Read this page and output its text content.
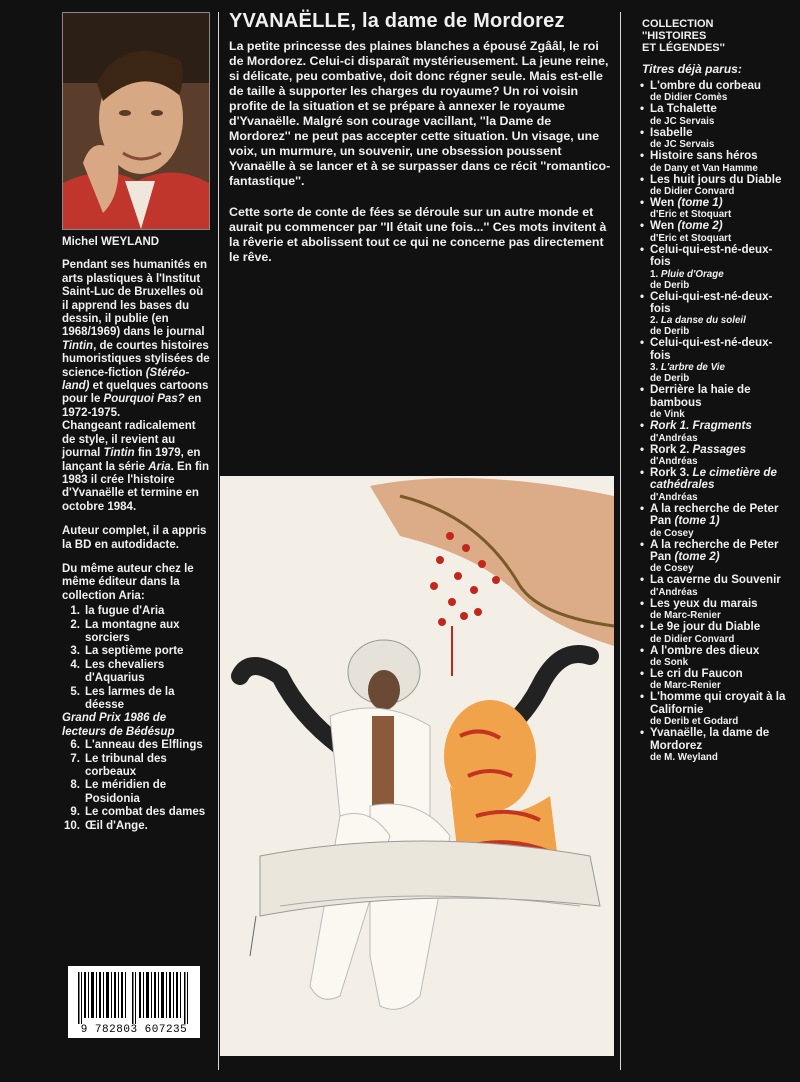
Michel WEYLAND

Pendant ses humanités en arts plastiques à l'Institut Saint-Luc de Bruxelles où il apprend les bases du dessin, il publie (en 1968/1969) dans le journal Tintin, de courtes histoires humoristiques stylisées de science-fiction (Stéréo-land) et quelques cartoons pour le Pourquoi Pas? en 1972-1975.
Changeant radicalement de style, il revient au journal Tintin fin 1979, en lançant la série Aria. En fin 1983 il crée l'histoire d'Yvanaëlle et termine en octobre 1984.

Auteur complet, il a appris la BD en autodidacte.

Du même auteur chez le même éditeur dans la collection Aria:

1. la fugue d'Aria
2. La montagne aux sorciers
3. La septième porte
4. Les chevaliers d'Aquarius
5. Les larmes de la déesse
Grand Prix 1986 de lecteurs de Bédésup
6. L'anneau des Elflings
7. Le tribunal des corbeaux
8. Le méridien de Posidonia
9. Le combat des dames
10. Œil d'Ange.
9 782803 607235
YVANAËLLE, la dame de Mordorez

La petite princesse des plaines blanches a épousé Zgââl, le roi de Mordorez. Celui-ci disparaît mystérieusement. La jeune reine, si délicate, peu combative, doit donc régner seule. Mais est-elle de taille à supporter les charges du royaume? Un roi voisin profite de la situation et se prépare à annexer le royaume d'Yvanaëlle. Malgré son courage vacillant, ''la Dame de Mordorez'' ne peut pas accepter cette situation. Un visage, une voix, un murmure, un souvenir, une obsession poussent Yvanaëlle à se lancer et à se surpasser dans ce récit ''romantico-fantastique''.

Cette sorte de conte de fées se déroule sur un autre monde et aurait pu commencer par ''Il était une fois...'' Ces mots invitent à la rêverie et abolissent tout ce qui ne concerne pas directement le rêve.

COLLECTION
''HISTOIRES
ET LÉGENDES''
Titres déjà parus:
• L'ombre du corbeau
de Didier Comès
• La Tchalette
de JC Servais
• Isabelle
de JC Servais
• Histoire sans héros
de Dany et Van Hamme
• Les huit jours du Diable
de Didier Convard
• Wen (tome 1)
d'Eric et Stoquart
• Wen (tome 2)
d'Eric et Stoquart
• Celui-qui-est-né-deux-fois
1. Pluie d'Orage
de Derib
• Celui-qui-est-né-deux-fois
2. La danse du soleil
de Derib
• Celui-qui-est-né-deux-fois
3. L'arbre de Vie
de Derib
• Derrière la haie de bambous
de Vink
• Rork 1. Fragments
d'Andréas
• Rork 2. Passages
d'Andréas
• Rork 3. Le cimetière de cathédrales
d'Andréas
• A la recherche de Peter Pan (tome 1)
de Cosey
• A la recherche de Peter Pan (tome 2)
de Cosey
• La caverne du Souvenir
d'Andréas
• Les yeux du marais
de Marc-Renier
• Le 9e jour du Diable
de Didier Convard
• A l'ombre des dieux
de Sonk
• Le cri du Faucon
de Marc-Renier
• L'homme qui croyait à la Californie
de Derib et Godard
• Yvanaëlle, la dame de Mordorez
de M. Weyland
